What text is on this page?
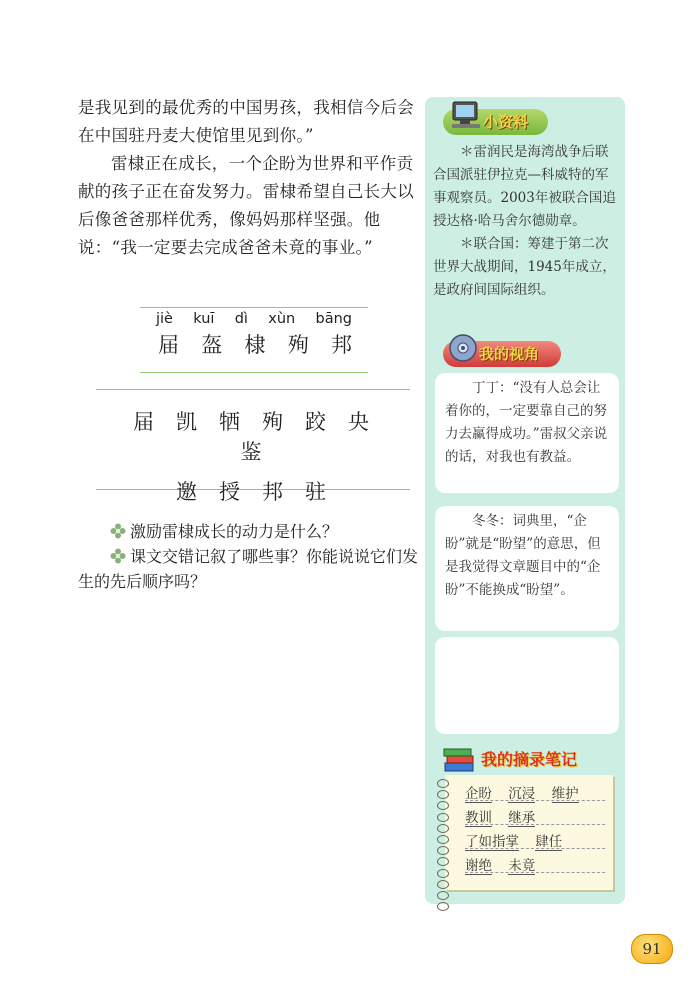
是我见到的最优秀的中国男孩，我相信今后会在中国驻丹麦大使馆里见到你。”

雷棣正在成长，一个企盼为世界和平作贡献的孩子正在奋发努力。雷棣希望自己长大以后像爸爸那样优秀，像妈妈那样坚强。他说：“我一定要去完成爸爸未竟的事业。”

jiè kuī dì xùn bāng
届 盔 棣 殉 邦
届凯牺殉跤央鉴
邀授邦驻

激励雷棣成长的动力是什么？

课文交错记叙了哪些事？你能说说它们发生的先后顺序吗？

小资料

＊雷润民是海湾战争后联合国派驻伊拉克—科威特的军事观察员。2003年被联合国追授达格·哈马舍尔德勋章。

＊联合国：筹建于第二次世界大战期间，1945年成立，是政府间国际组织。

我的视角
丁丁：“没有人总会让着你的，一定要靠自己的努力去赢得成功。”雷叔父亲说的话，对我也有教益。
冬冬：词典里，“企盼”就是“盼望”的意思，但是我觉得文章题目中的“企盼”不能换成“盼望”。
我的摘录笔记
企盼 沉浸 维护
教训 继承
了如指掌 肆任
谢绝 未竟
91
